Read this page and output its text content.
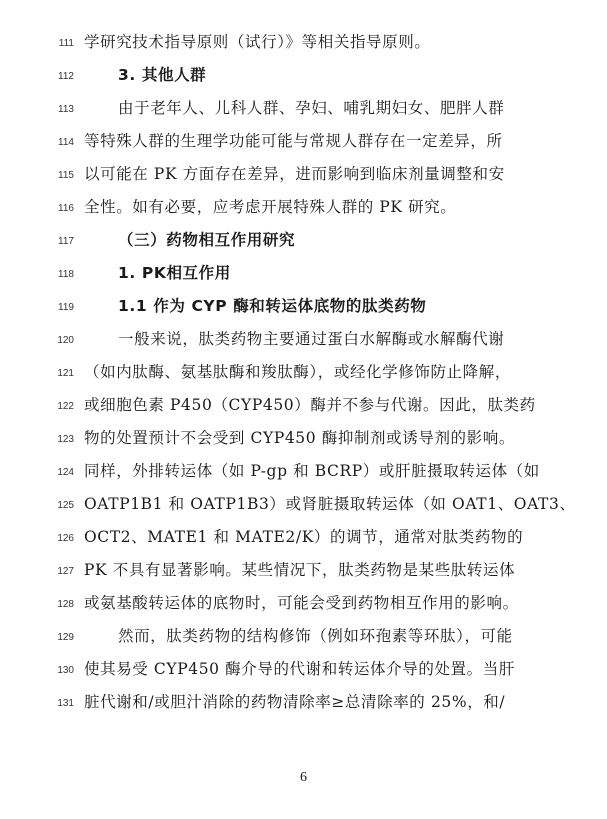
111 学研究技术指导原则（试行）》等相关指导原则。
112	3. 其他人群
113	由于老年人、儿科人群、孕妇、哺乳期妇女、肥胖人群
114 等特殊人群的生理学功能可能与常规人群存在一定差异，所
115 以可能在 PK 方面存在差异，进而影响到临床剂量调整和安
116 全性。如有必要，应考虑开展特殊人群的 PK 研究。
117	（三）药物相互作用研究
118	1. PK相互作用
119	1.1 作为 CYP 酶和转运体底物的肽类药物
120	一般来说，肽类药物主要通过蛋白水解酶或水解酶代谢
121 （如内肽酶、氨基肽酶和羧肽酶），或经化学修饰防止降解，
122 或细胞色素 P450（CYP450）酶并不参与代谢。因此，肽类药
123 物的处置预计不会受到 CYP450 酶抑制剂或诱导剂的影响。
124 同样，外排转运体（如 P-gp 和 BCRP）或肝脏摄取转运体（如
125 OATP1B1 和 OATP1B3）或肾脏摄取转运体（如 OAT1、OAT3、
126 OCT2、MATE1 和 MATE2/K）的调节，通常对肽类药物的
127 PK 不具有显著影响。某些情况下，肽类药物是某些肽转运体
128 或氨基酸转运体的底物时，可能会受到药物相互作用的影响。
129	然而，肽类药物的结构修饰（例如环孢素等环肽），可能
130 使其易受 CYP450 酶介导的代谢和转运体介导的处置。当肝
131 脏代谢和/或胆汁消除的药物清除率≥总清除率的 25%，和/
6
